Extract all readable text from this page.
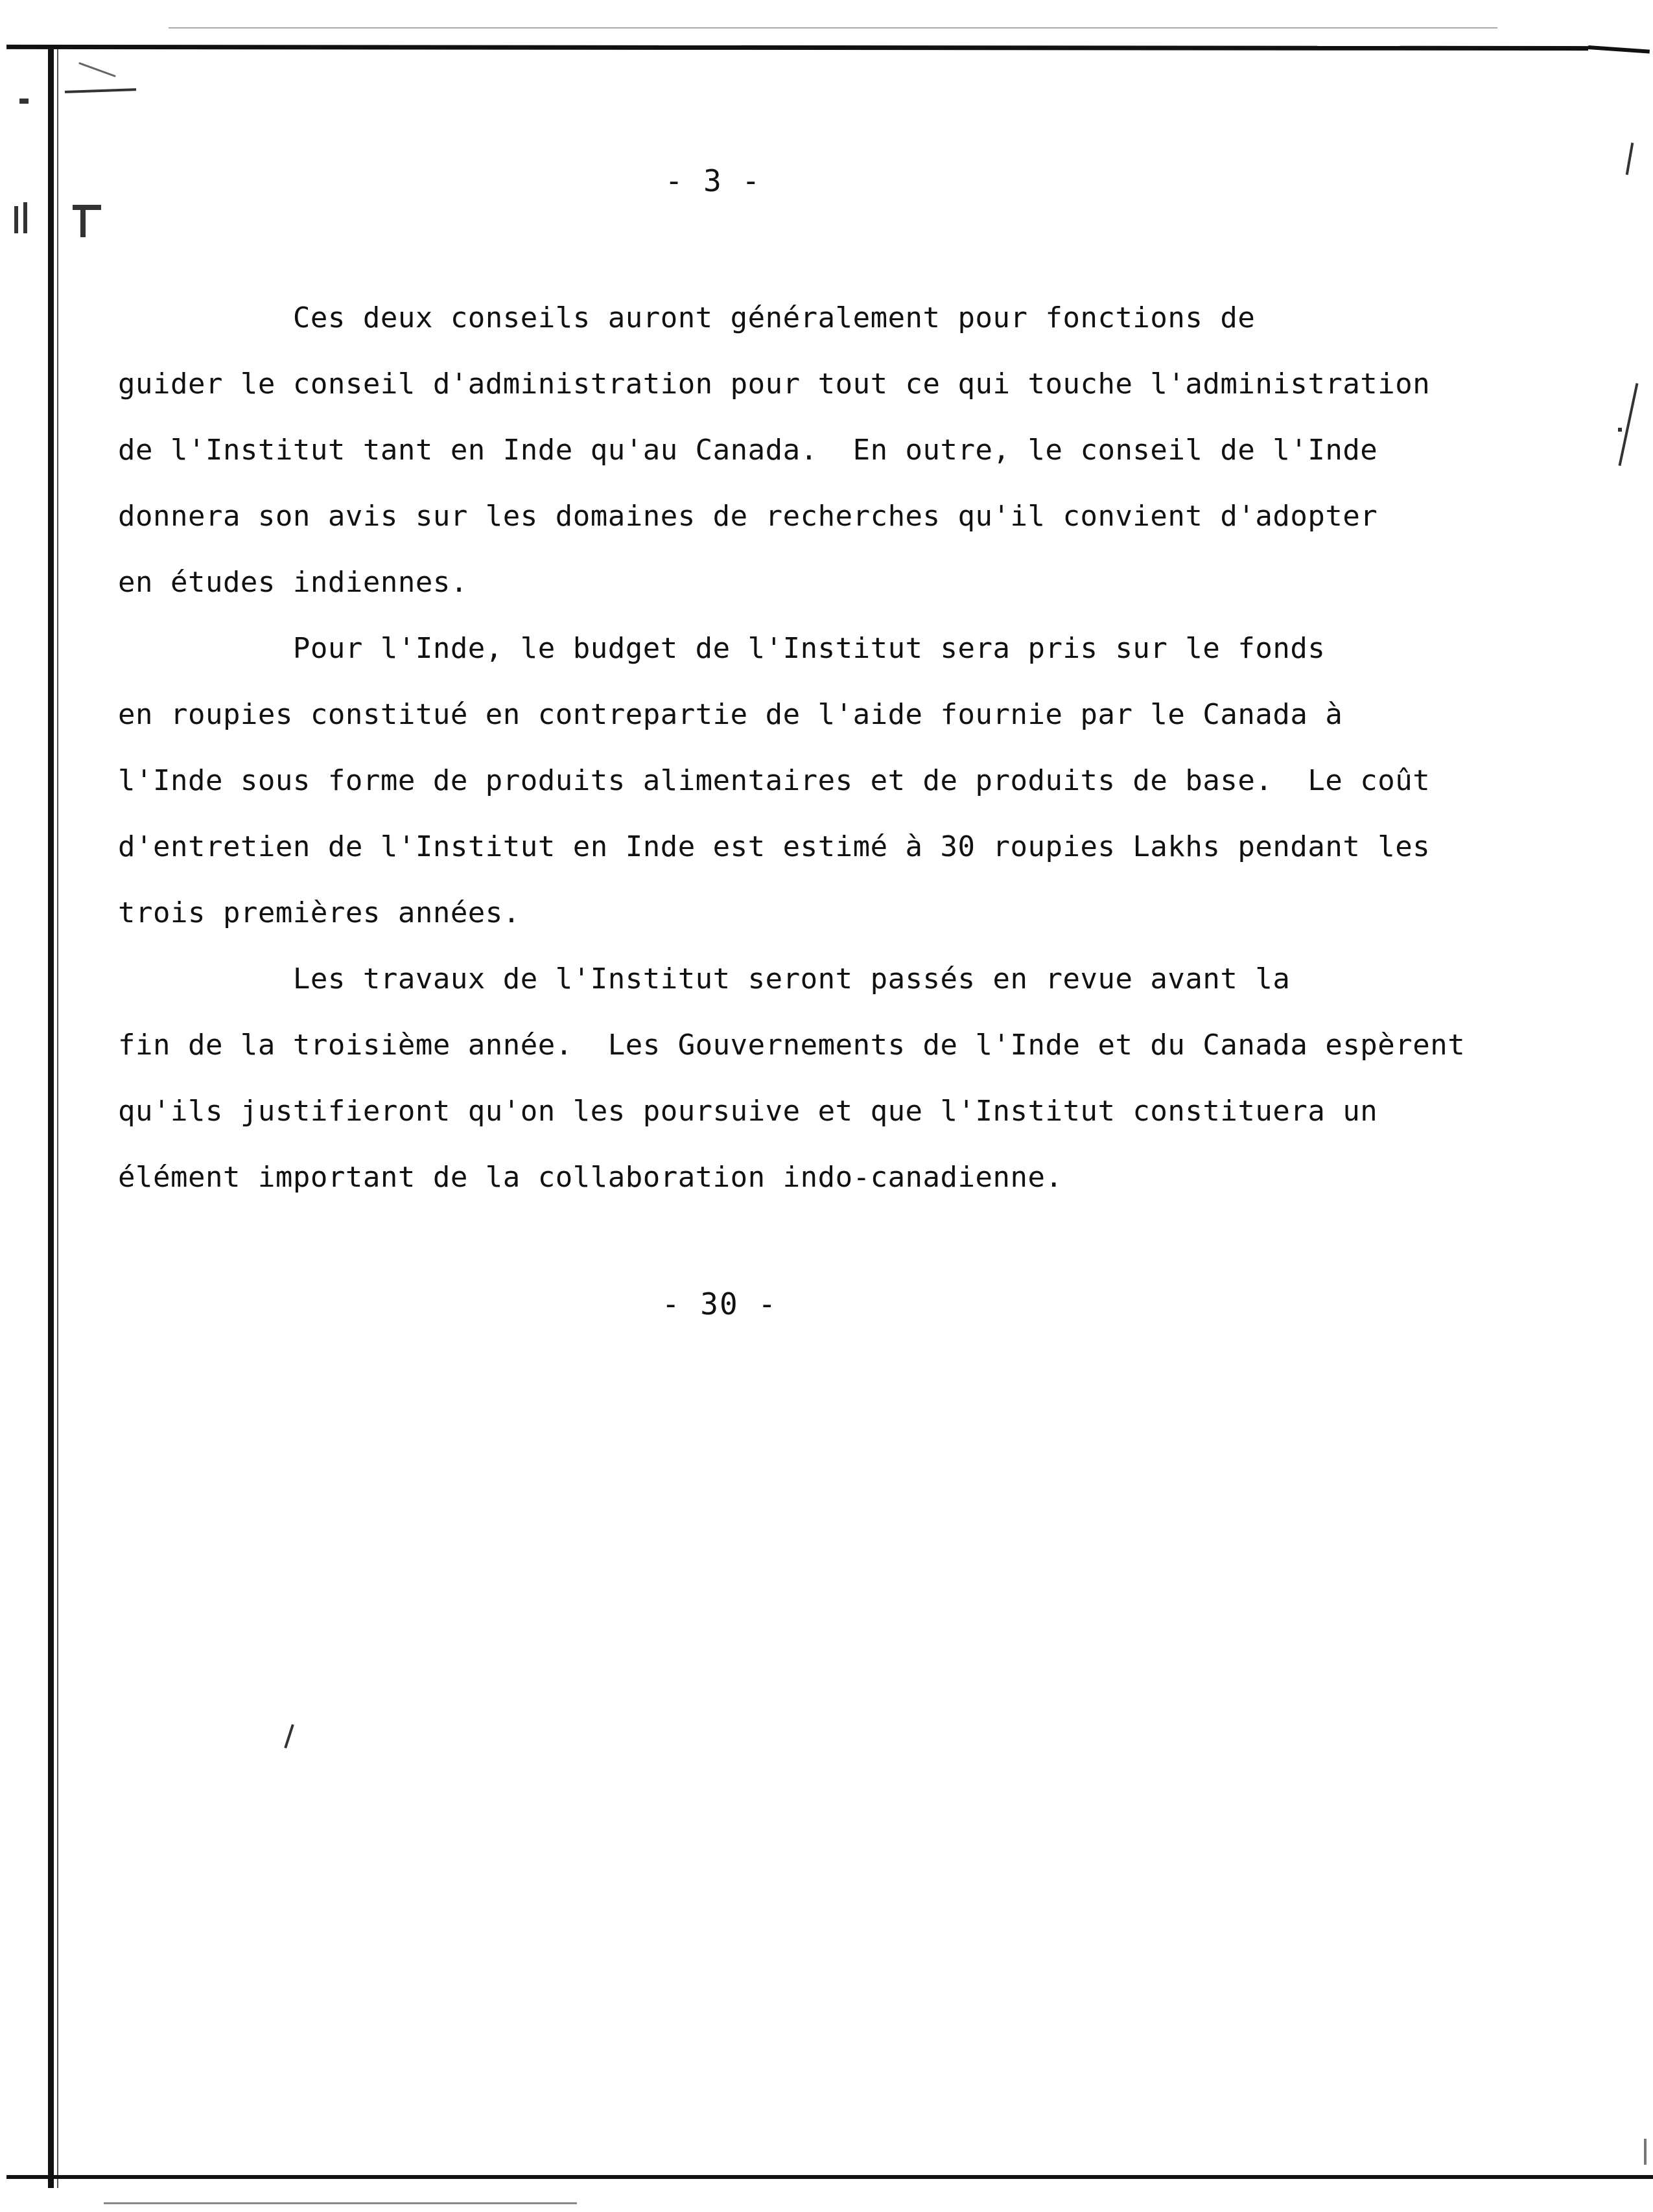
- 3 -

Ces deux conseils auront généralement pour fonctions de
guider le conseil d'administration pour tout ce qui touche l'administration
de l'Institut tant en Inde qu'au Canada.  En outre, le conseil de l'Inde
donnera son avis sur les domaines de recherches qu'il convient d'adopter
en études indiennes.

Pour l'Inde, le budget de l'Institut sera pris sur le fonds
en roupies constitué en contrepartie de l'aide fournie par le Canada à
l'Inde sous forme de produits alimentaires et de produits de base.  Le coût
d'entretien de l'Institut en Inde est estimé à 30 roupies Lakhs pendant les
trois premières années.

Les travaux de l'Institut seront passés en revue avant la
fin de la troisième année.  Les Gouvernements de l'Inde et du Canada espèrent
qu'ils justifieront qu'on les poursuive et que l'Institut constituera un
élément important de la collaboration indo-canadienne.

- 30 -
